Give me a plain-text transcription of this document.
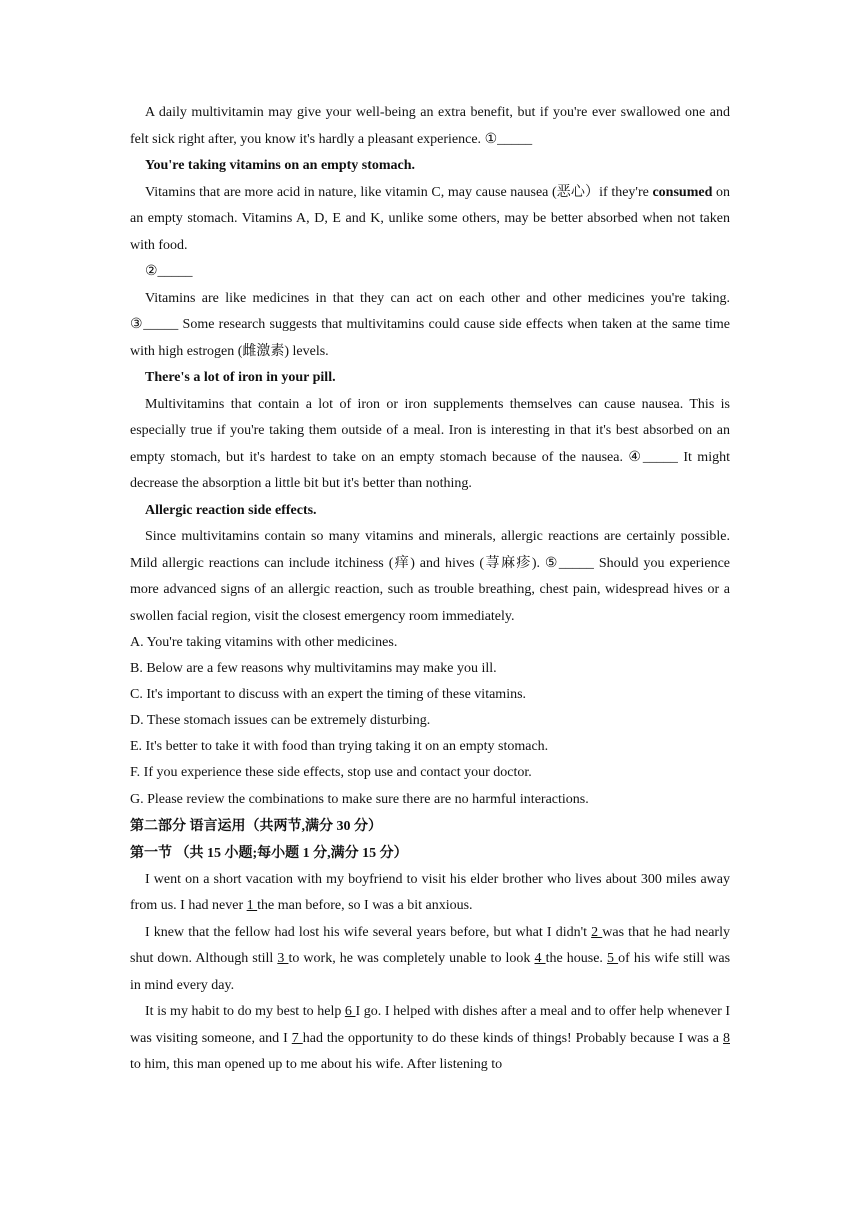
A daily multivitamin may give your well-being an extra benefit, but if you're ever swallowed one and felt sick right after, you know it's hardly a pleasant experience. ①_____

You're taking vitamins on an empty stomach.

Vitamins that are more acid in nature, like vitamin C, may cause nausea (恶心）if they're consumed on an empty stomach. Vitamins A, D, E and K, unlike some others, may be better absorbed when not taken with food.

②_____

Vitamins are like medicines in that they can act on each other and other medicines you're taking. ③_____ Some research suggests that multivitamins could cause side effects when taken at the same time with high estrogen (雌激素) levels.

There's a lot of iron in your pill.

Multivitamins that contain a lot of iron or iron supplements themselves can cause nausea. This is especially true if you're taking them outside of a meal. Iron is interesting in that it's best absorbed on an empty stomach, but it's hardest to take on an empty stomach because of the nausea. ④_____ It might decrease the absorption a little bit but it's better than nothing.

Allergic reaction side effects.

Since multivitamins contain so many vitamins and minerals, allergic reactions are certainly possible. Mild allergic reactions can include itchiness (痒) and hives (荨麻疹). ⑤_____ Should you experience more advanced signs of an allergic reaction, such as trouble breathing, chest pain, widespread hives or a swollen facial region, visit the closest emergency room immediately.

A. You're taking vitamins with other medicines.

B. Below are a few reasons why multivitamins may make you ill.

C. It's important to discuss with an expert the timing of these vitamins.

D. These stomach issues can be extremely disturbing.

E. It's better to take it with food than trying taking it on an empty stomach.

F. If you experience these side effects, stop use and contact your doctor.

G. Please review the combinations to make sure there are no harmful interactions.

第二部分 语言运用（共两节,满分 30 分）

第一节 （共 15 小题;每小题 1 分,满分 15 分）

I went on a short vacation with my boyfriend to visit his elder brother who lives about 300 miles away from us. I had never 1 the man before, so I was a bit anxious.

I knew that the fellow had lost his wife several years before, but what I didn't 2 was that he had nearly shut down. Although still 3 to work, he was completely unable to look 4 the house. 5 of his wife still was in mind every day.

It is my habit to do my best to help 6 I go. I helped with dishes after a meal and to offer help whenever I was visiting someone, and I 7 had the opportunity to do these kinds of things! Probably because I was a 8 to him, this man opened up to me about his wife. After listening to
